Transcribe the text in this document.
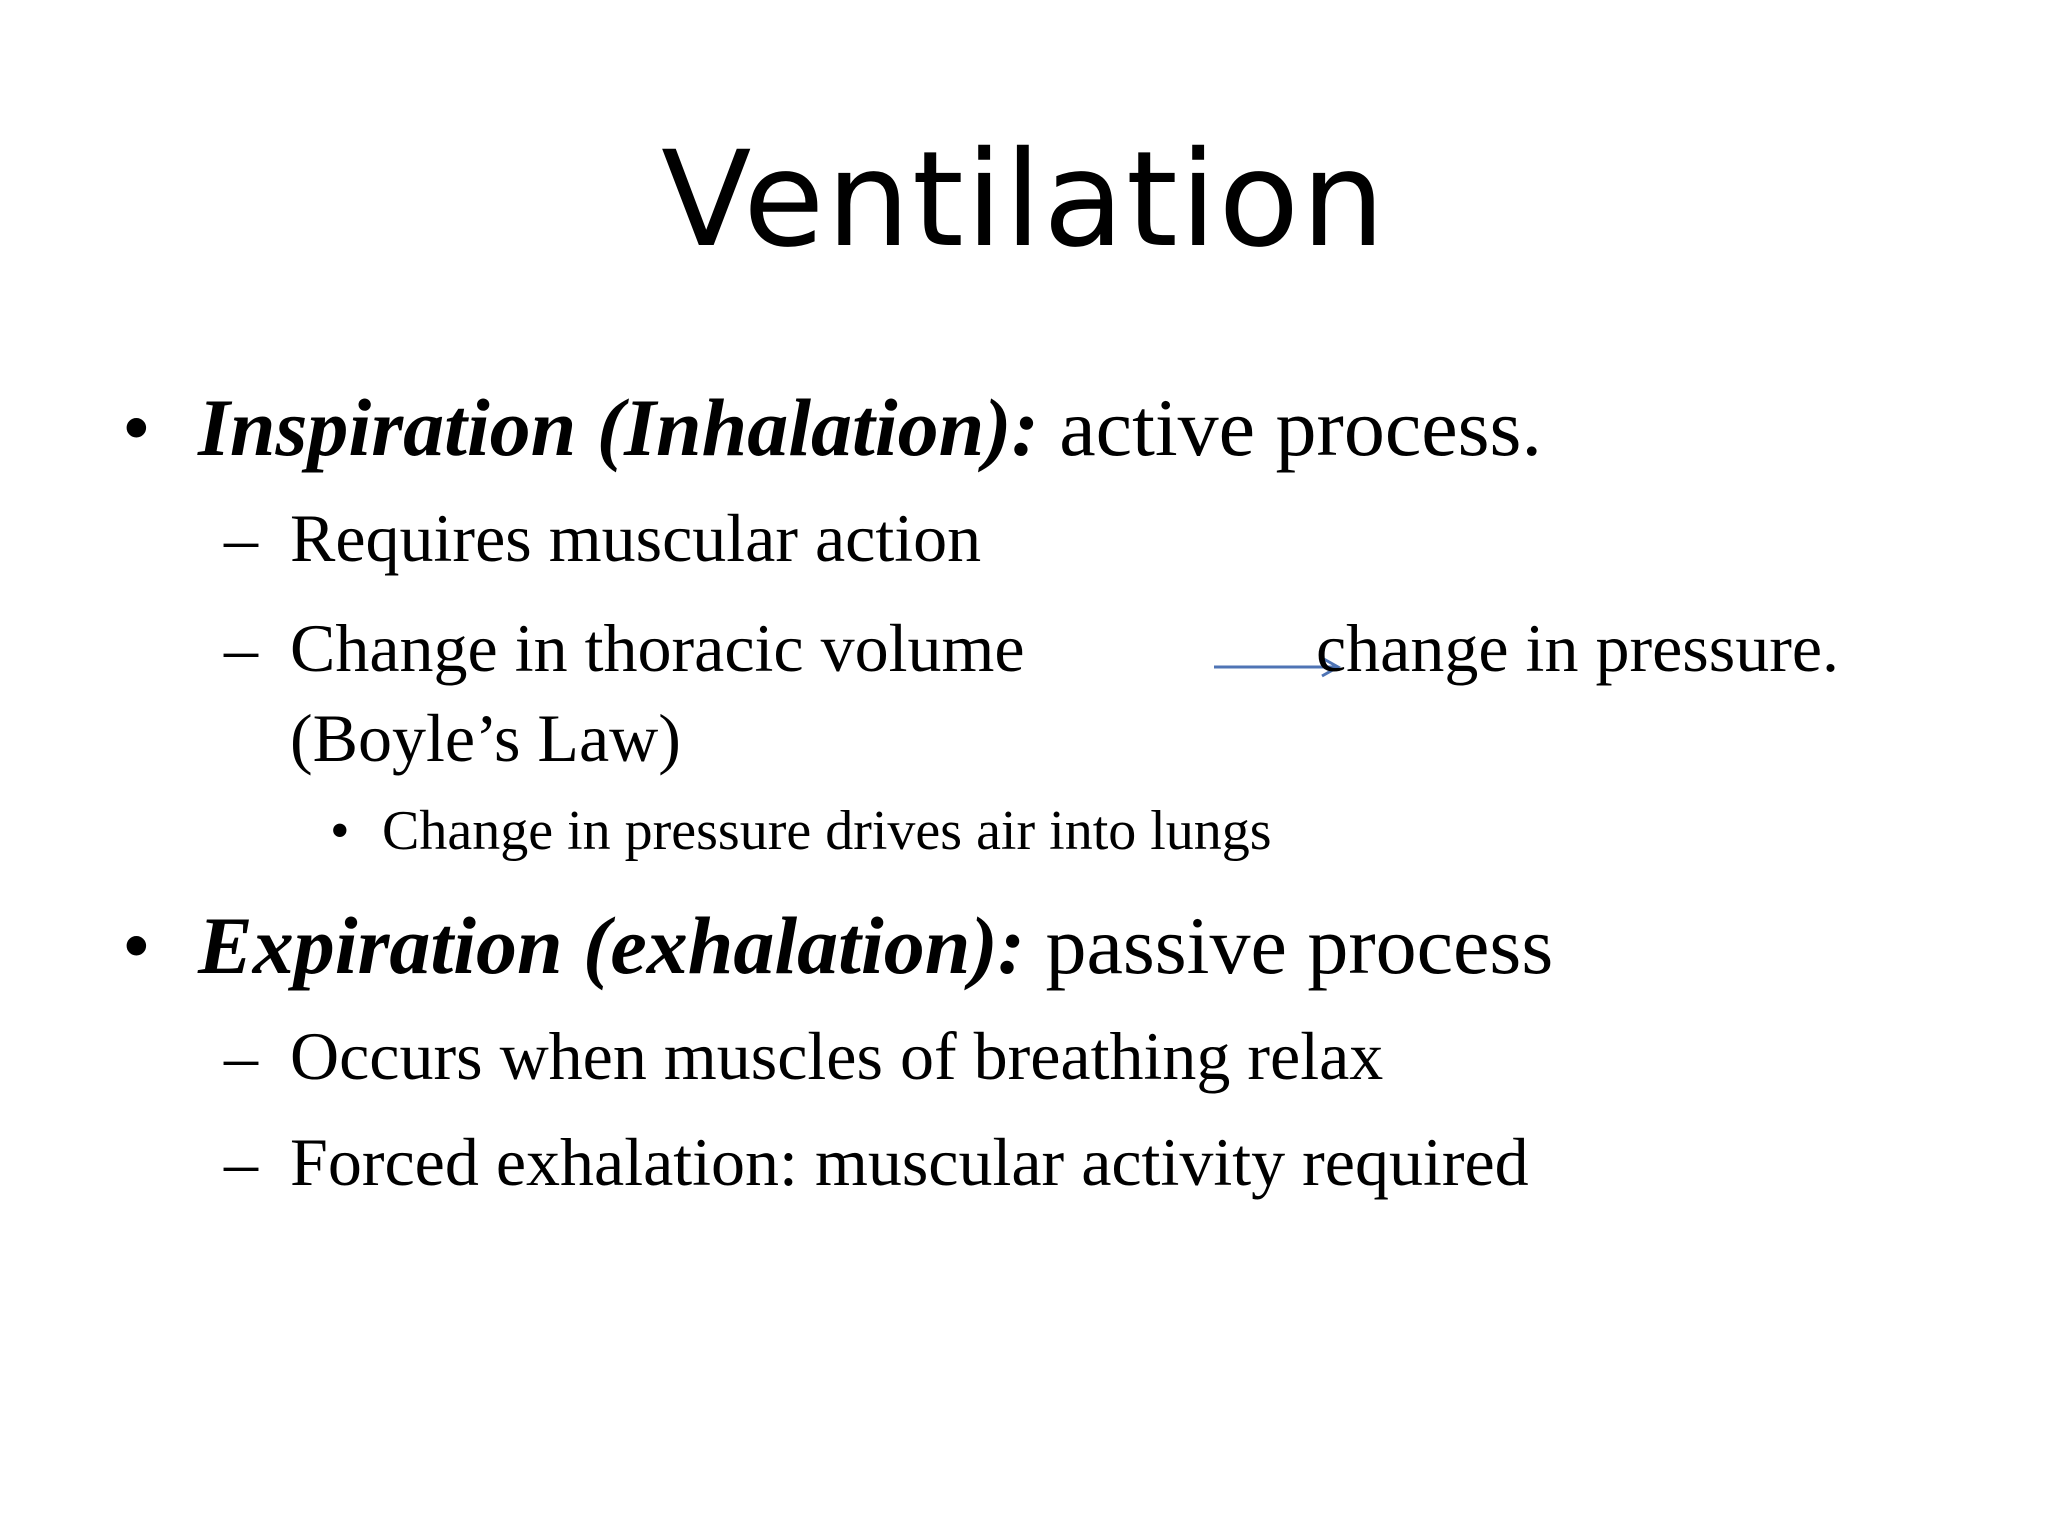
Ventilation
• Inspiration (Inhalation): active process.
– Requires muscular action
– Change in thoracic volume	change in pressure.
(Boyle’s Law)
• Change in pressure drives air into lungs
• Expiration (exhalation): passive process
– Occurs when muscles of breathing relax
– Forced exhalation: muscular activity required
